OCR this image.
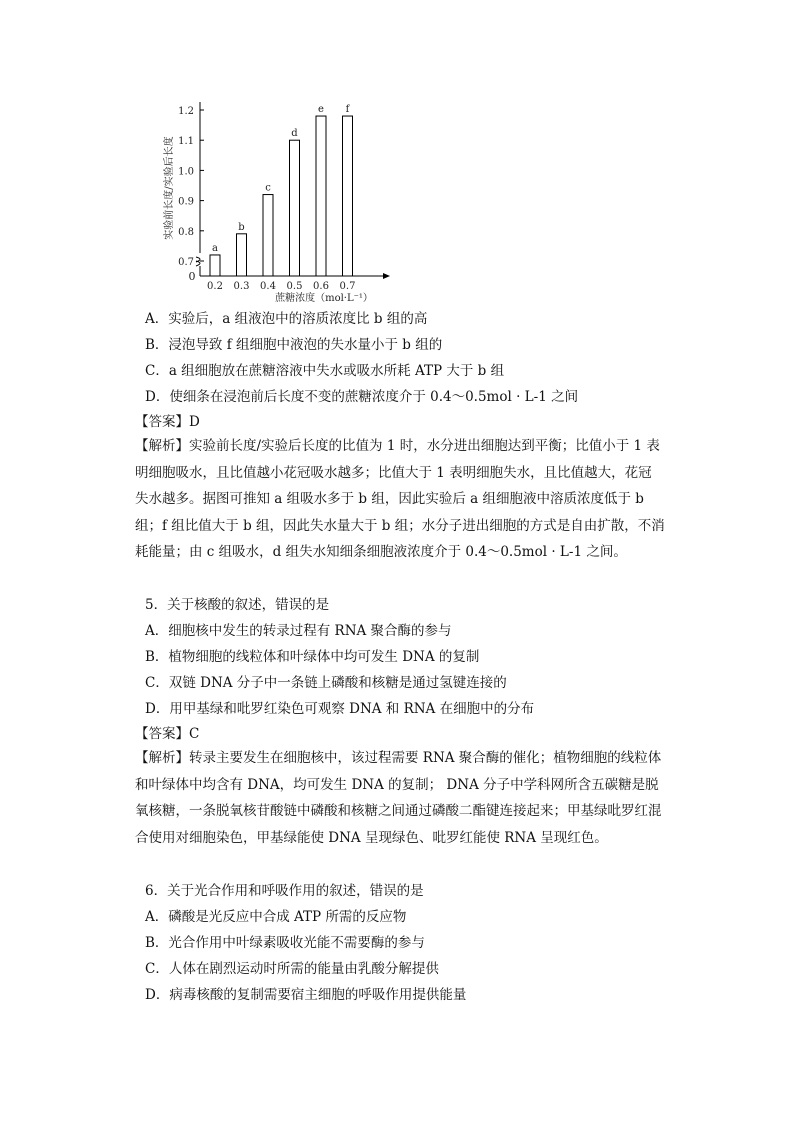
实验前长度/实验后长度
0
0.7
0.8
0.9
1.0
1.1
1.2
a
b
c
d
e f
0.2 0.3 0.4 0.5 0.6 0.7
蔗糖浓度（mol·L⁻¹）
A．实验后，a 组液泡中的溶质浓度比 b 组的高
B．浸泡导致 f 组细胞中液泡的失水量小于 b 组的
C．a 组细胞放在蔗糖溶液中失水或吸水所耗 ATP 大于 b 组
D．使细条在浸泡前后长度不变的蔗糖浓度介于 0.4～0.5mol · L-1 之间
【答案】D
【解析】实验前长度/实验后长度的比值为 1 时，水分进出细胞达到平衡；比值小于 1 表明细胞吸水，且比值越小花冠吸水越多；比值大于 1 表明细胞失水，且比值越大，花冠失水越多。据图可推知 a 组吸水多于 b 组，因此实验后 a 组细胞液中溶质浓度低于 b 组；f 组比值大于 b 组，因此失水量大于 b 组；水分子进出细胞的方式是自由扩散，不消耗能量；由 c 组吸水，d 组失水知细条细胞液浓度介于 0.4～0.5mol · L-1 之间。
5．关于核酸的叙述，错误的是
A．细胞核中发生的转录过程有 RNA 聚合酶的参与
B．植物细胞的线粒体和叶绿体中均可发生 DNA 的复制
C．双链 DNA 分子中一条链上磷酸和核糖是通过氢键连接的
D．用甲基绿和吡罗红染色可观察 DNA 和 RNA 在细胞中的分布
【答案】C
【解析】转录主要发生在细胞核中，该过程需要 RNA 聚合酶的催化；植物细胞的线粒体和叶绿体中均含有 DNA，均可发生 DNA 的复制； DNA 分子中学科网所含五碳糖是脱氧核糖，一条脱氧核苷酸链中磷酸和核糖之间通过磷酸二酯键连接起来；甲基绿吡罗红混合使用对细胞染色，甲基绿能使 DNA 呈现绿色、吡罗红能使 RNA 呈现红色。
6．关于光合作用和呼吸作用的叙述，错误的是
A．磷酸是光反应中合成 ATP 所需的反应物
B．光合作用中叶绿素吸收光能不需要酶的参与
C．人体在剧烈运动时所需的能量由乳酸分解提供
D．病毒核酸的复制需要宿主细胞的呼吸作用提供能量
